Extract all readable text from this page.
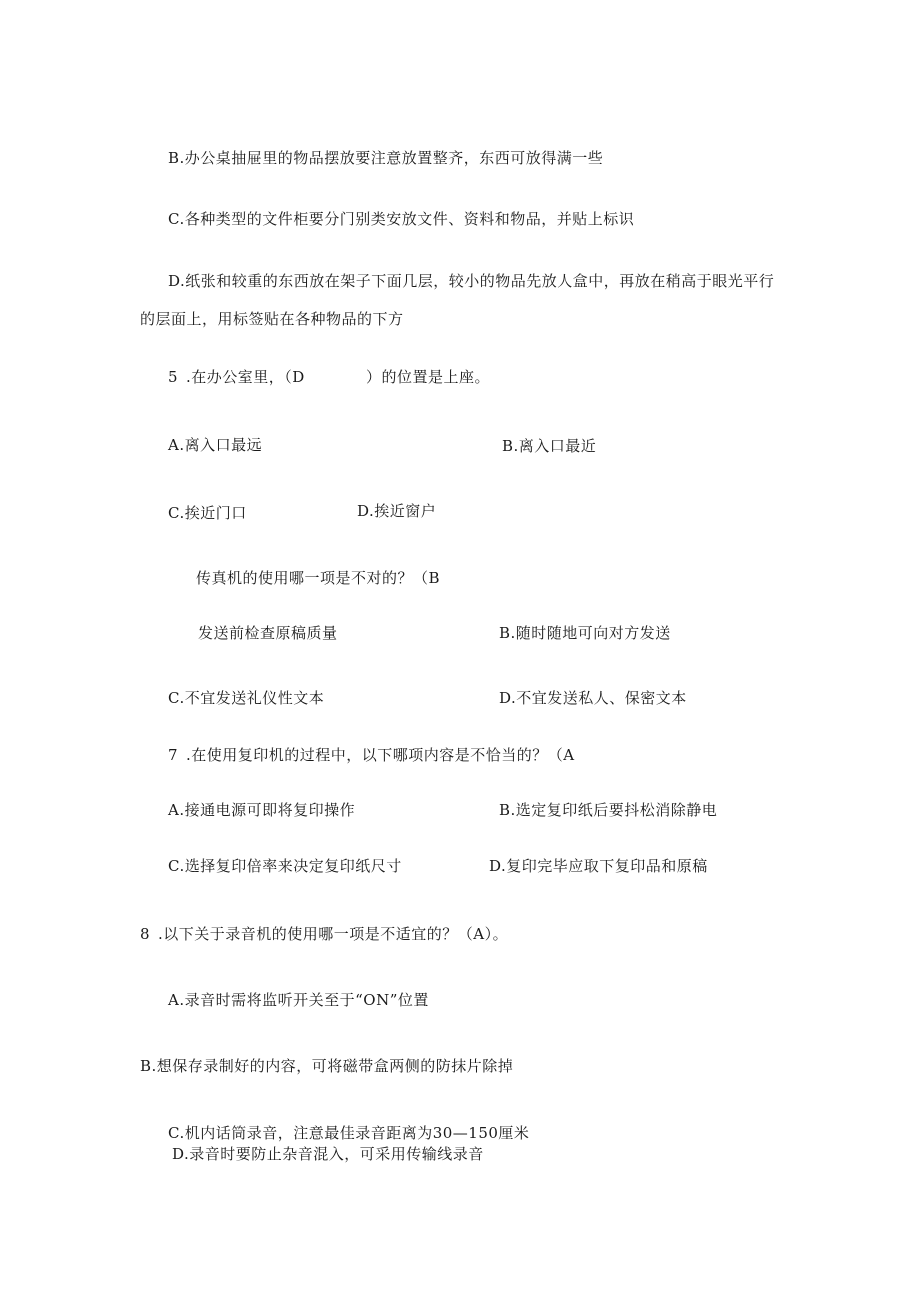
B.办公桌抽屉里的物品摆放要注意放置整齐，东西可放得满一些
C.各种类型的文件柜要分门别类安放文件、资料和物品，并贴上标识
D.纸张和较重的东西放在架子下面几层，较小的物品先放人盒中，再放在稍高于眼光平行
的层面上，用标签贴在各种物品的下方
5 .在办公室里，（D	）的位置是上座。
A.离入口最远	B.离入口最近
C.挨近门口	D.挨近窗户
传真机的使用哪一项是不对的？（B
发送前检查原稿质量	B.随时随地可向对方发送
C.不宜发送礼仪性文本	D.不宜发送私人、保密文本
7 .在使用复印机的过程中，以下哪项内容是不恰当的？（A
A.接通电源可即将复印操作	B.选定复印纸后要抖松消除静电
C.选择复印倍率来决定复印纸尺寸	D.复印完毕应取下复印品和原稿
8 .以下关于录音机的使用哪一项是不适宜的？（A）。
A.录音时需将监听开关至于“ON”位置
B.想保存录制好的内容，可将磁带盒两侧的防抹片除掉
C.机内话筒录音，注意最佳录音距离为30—150厘米
D.录音时要防止杂音混入，可采用传输线录音
